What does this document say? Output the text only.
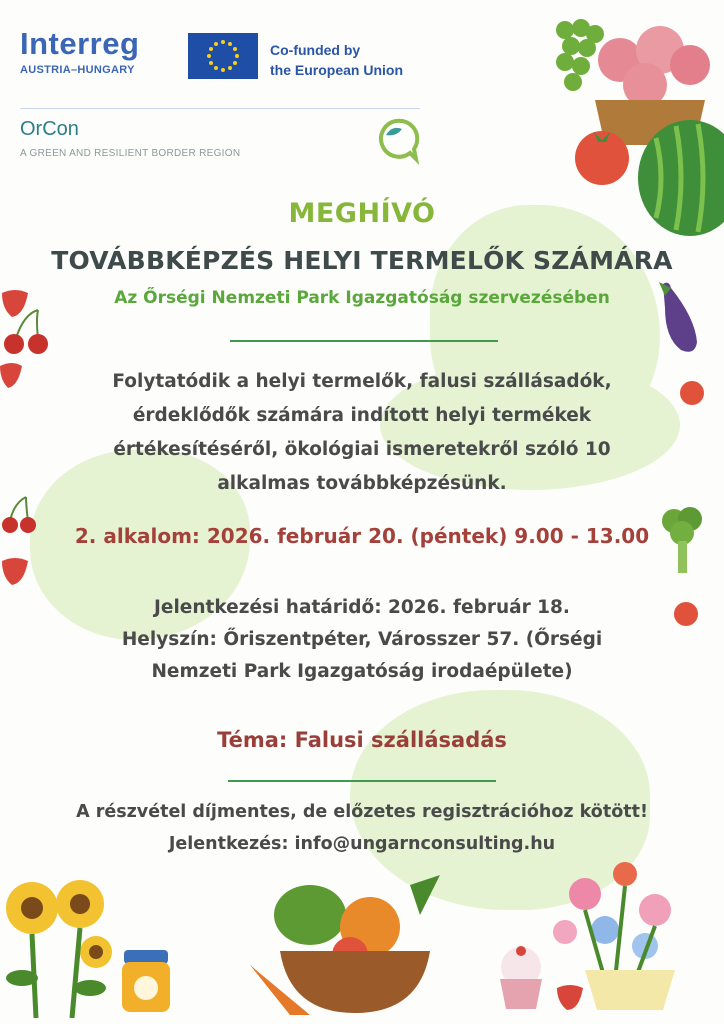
Interreg
AUSTRIA–HUNGARY
Co-funded by
the European Union
OrCon
A GREEN AND RESILIENT BORDER REGION
MEGHÍVÓ
TOVÁBBKÉPZÉS HELYI TERMELŐK SZÁMÁRA
Az Őrségi Nemzeti Park Igazgatóság szervezésében
Folytatódik a helyi termelők, falusi szállásadók,
érdeklődők számára indított helyi termékek
értékesítéséről, ökológiai ismeretekről szóló 10
alkalmas továbbképzésünk.
2. alkalom: 2026. február 20. (péntek) 9.00 - 13.00
Jelentkezési határidő: 2026. február 18.
Helyszín: Őriszentpéter, Városszer 57. (Őrségi
Nemzeti Park Igazgatóság irodaépülete)
Téma: Falusi szállásadás
A részvétel díjmentes, de előzetes regisztrációhoz kötött!
Jelentkezés: info@ungarnconsulting.hu
